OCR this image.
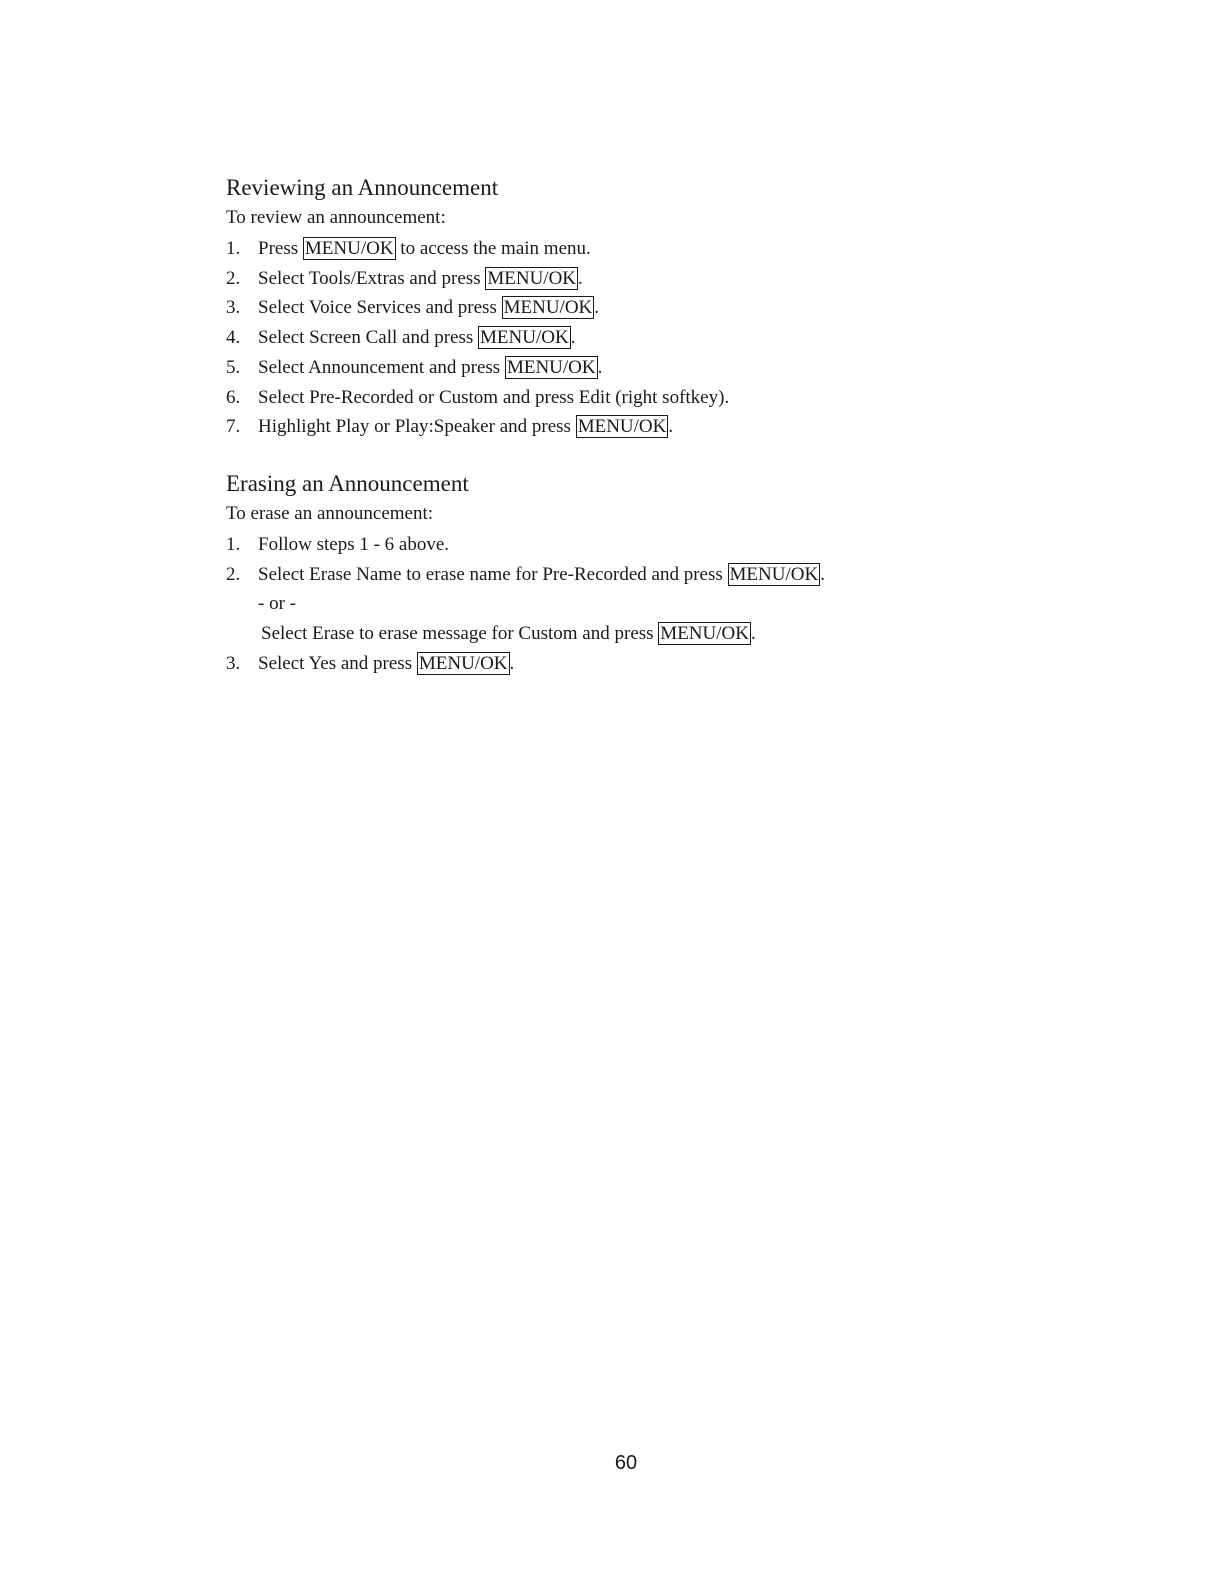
Reviewing an Announcement

To review an announcement:

1. Press MENU/OK to access the main menu.
2. Select Tools/Extras and press MENU/OK .
3. Select Voice Services and press MENU/OK .
4. Select Screen Call and press MENU/OK .
5. Select Announcement and press MENU/OK .
6. Select Pre-Recorded or Custom and press Edit (right softkey).
7. Highlight Play or Play:Speaker and press MENU/OK .
Erasing an Announcement

To erase an announcement:

1. Follow steps 1 - 6 above.
2. Select Erase Name to erase name for Pre-Recorded and press MENU/OK .
- or -
Select Erase to erase message for Custom and press MENU/OK .
3. Select Yes and press MENU/OK .
60
